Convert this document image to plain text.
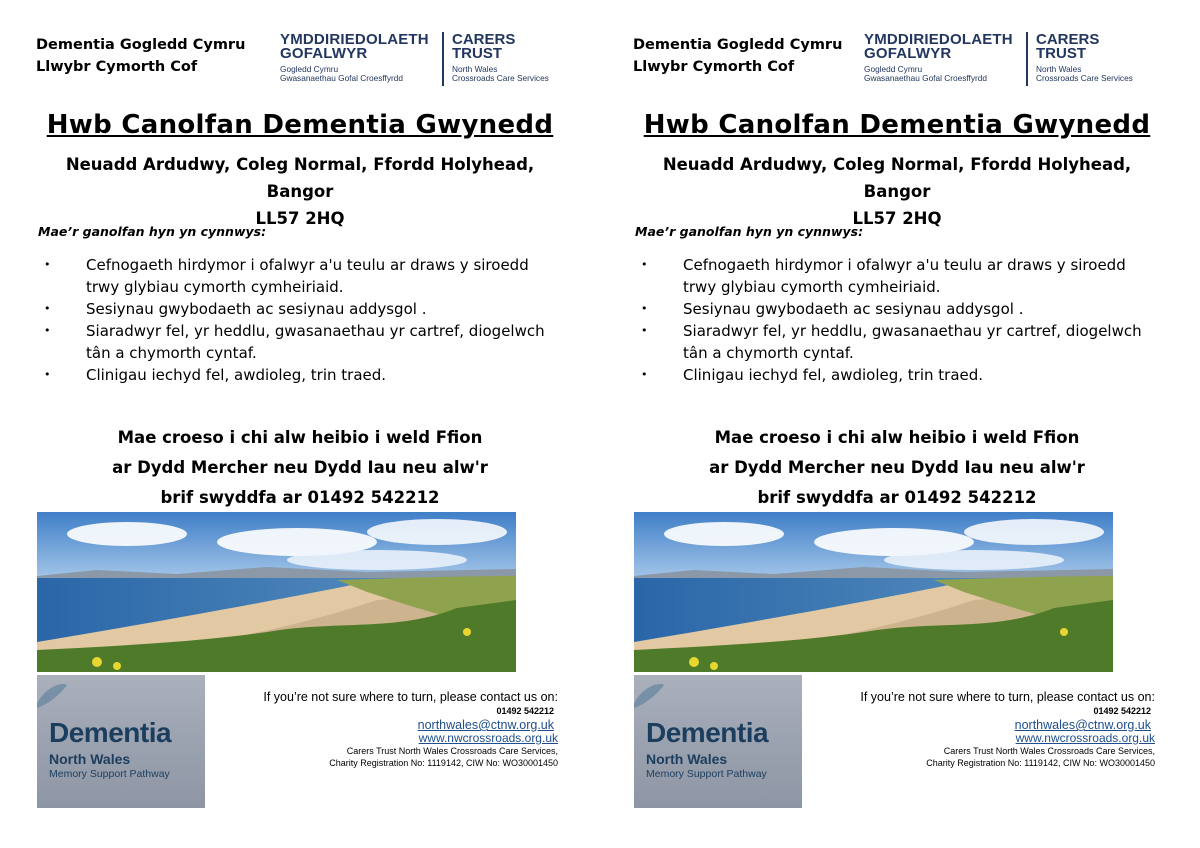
Dementia Gogledd Cymru
Llwybr Cymorth Cof
YMDDIRIEDOLAETH
GOFALWYR
Gogledd Cymru
Gwasanaethau Gofal Croesffyrdd
CARERS
TRUST
North Wales
Crossroads Care Services
Hwb Canolfan Dementia Gwynedd
Neuadd Ardudwy, Coleg Normal, Ffordd Holyhead, Bangor
LL57 2HQ
Mae’r ganolfan hyn yn cynnwys:
• Cefnogaeth hirdymor i ofalwyr a'u teulu ar draws y siroedd trwy glybiau cymorth cymheiriaid.
• Sesiynau gwybodaeth ac sesiynau addysgol .
• Siaradwyr fel, yr heddlu, gwasanaethau yr cartref, diogelwch tân a chymorth cyntaf.
• Clinigau iechyd fel, awdioleg, trin traed.
Mae croeso i chi alw heibio i weld Ffion
ar Dydd Mercher neu Dydd Iau neu alw'r
brif swyddfa ar 01492 542212
Dementia
North Wales
Memory Support Pathway
If you’re not sure where to turn, please contact us on:
01492 542212
northwales@ctnw.org.uk
www.nwcrossroads.org.uk
Carers Trust North Wales Crossroads Care Services,
Charity Registration No: 1119142, CIW No: WO30001450
Dementia Gogledd Cymru
Llwybr Cymorth Cof
YMDDIRIEDOLAETH
GOFALWYR
Gogledd Cymru
Gwasanaethau Gofal Croesffyrdd
CARERS
TRUST
North Wales
Crossroads Care Services
Hwb Canolfan Dementia Gwynedd
Neuadd Ardudwy, Coleg Normal, Ffordd Holyhead, Bangor
LL57 2HQ
Mae’r ganolfan hyn yn cynnwys:
• Cefnogaeth hirdymor i ofalwyr a'u teulu ar draws y siroedd trwy glybiau cymorth cymheiriaid.
• Sesiynau gwybodaeth ac sesiynau addysgol .
• Siaradwyr fel, yr heddlu, gwasanaethau yr cartref, diogelwch tân a chymorth cyntaf.
• Clinigau iechyd fel, awdioleg, trin traed.
Mae croeso i chi alw heibio i weld Ffion
ar Dydd Mercher neu Dydd Iau neu alw'r
brif swyddfa ar 01492 542212
Dementia
North Wales
Memory Support Pathway
If you’re not sure where to turn, please contact us on:
01492 542212
northwales@ctnw.org.uk
www.nwcrossroads.org.uk
Carers Trust North Wales Crossroads Care Services,
Charity Registration No: 1119142, CIW No: WO30001450
